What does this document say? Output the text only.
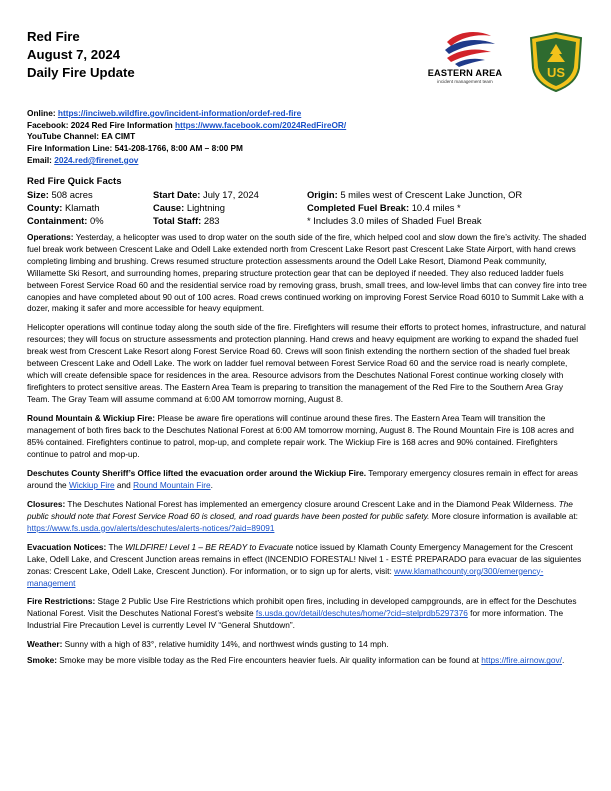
Red Fire
August 7, 2024
Daily Fire Update	EASTERN AREA
incident management team
US
Online: https://inciweb.wildfire.gov/incident-information/ordef-red-fire
Facebook: 2024 Red Fire Information https://www.facebook.com/2024RedFireOR/
YouTube Channel: EA CIMT
Fire Information Line: 541-208-1766, 8:00 AM – 8:00 PM
Email: 2024.red@firenet.gov
Red Fire Quick Facts
Size: 508 acres	Start Date: July 17, 2024	Origin: 5 miles west of Crescent Lake Junction, OR
County: Klamath	Cause: Lightning	Completed Fuel Break: 10.4 miles *
Containment: 0%	Total Staff: 283	* Includes 3.0 miles of Shaded Fuel Break

Operations: Yesterday, a helicopter was used to drop water on the south side of the fire, which helped cool and slow down the fire’s activity. The shaded fuel break work between Crescent Lake and Odell Lake extended north from Crescent Lake Resort past Crescent Lake State Airport, with hand crews completing limbing and brushing. Crews resumed structure protection assessments around the Odell Lake Resort, Diamond Peak community, Willamette Ski Resort, and surrounding homes, preparing structure protection gear that can be deployed if needed. They also reduced ladder fuels between Forest Service Road 60 and the residential service road by removing grass, brush, small trees, and low-level limbs that can convey fire into tree canopies and have completed about 90 out of 100 acres. Road crews continued working on improving Forest Service Road 6010 to Summit Lake with a dozer, making it safer and more accessible for heavy equipment.

Helicopter operations will continue today along the south side of the fire. Firefighters will resume their efforts to protect homes, infrastructure, and natural resources; they will focus on structure assessments and protection planning. Hand crews and heavy equipment are working to expand the shaded fuel break west from Crescent Lake Resort along Forest Service Road 60. Crews will soon finish extending the northern section of the shaded fuel break between Crescent Lake and Odell Lake. The work on ladder fuel removal between Forest Service Road 60 and the service road is nearly complete, which will create defensible space for residences in the area. Resource advisors from the Deschutes National Forest continue working closely with firefighters to protect sensitive areas. The Eastern Area Team is preparing to transition the management of the Red Fire to the Southern Area Gray Team. The Gray Team will assume command at 6:00 AM tomorrow morning, August 8.

Round Mountain & Wickiup Fire: Please be aware fire operations will continue around these fires. The Eastern Area Team will transition the management of both fires back to the Deschutes National Forest at 6:00 AM tomorrow morning, August 8. The Round Mountain Fire is 108 acres and 85% contained. Firefighters continue to patrol, mop-up, and complete repair work. The Wickiup Fire is 168 acres and 90% contained. Firefighters continue to patrol and mop-up.

Deschutes County Sheriff’s Office lifted the evacuation order around the Wickiup Fire. Temporary emergency closures remain in effect for areas around the Wickiup Fire and Round Mountain Fire.

Closures: The Deschutes National Forest has implemented an emergency closure around Crescent Lake and in the Diamond Peak Wilderness. The public should note that Forest Service Road 60 is closed, and road guards have been posted for public safety. More closure information is available at: https://www.fs.usda.gov/alerts/deschutes/alerts-notices/?aid=89091

Evacuation Notices: The WILDFIRE! Level 1 – BE READY to Evacuate notice issued by Klamath County Emergency Management for the Crescent Lake, Odell Lake, and Crescent Junction areas remains in effect (INCENDIO FORESTAL! Nivel 1 - ESTÉ PREPARADO para evacuar de las siguientes zonas: Crescent Lake, Odell Lake, Crescent Junction). For information, or to sign up for alerts, visit: www.klamathcounty.org/300/emergency-management

Fire Restrictions: Stage 2 Public Use Fire Restrictions which prohibit open fires, including in developed campgrounds, are in effect for the Deschutes National Forest. Visit the Deschutes National Forest’s website fs.usda.gov/detail/deschutes/home/?cid=stelprdb5297376 for more information. The Industrial Fire Precaution Level is currently Level IV “General Shutdown”.

Weather: Sunny with a high of 83°, relative humidity 14%, and northwest winds gusting to 14 mph.

Smoke: Smoke may be more visible today as the Red Fire encounters heavier fuels. Air quality information can be found at https://fire.airnow.gov/.
